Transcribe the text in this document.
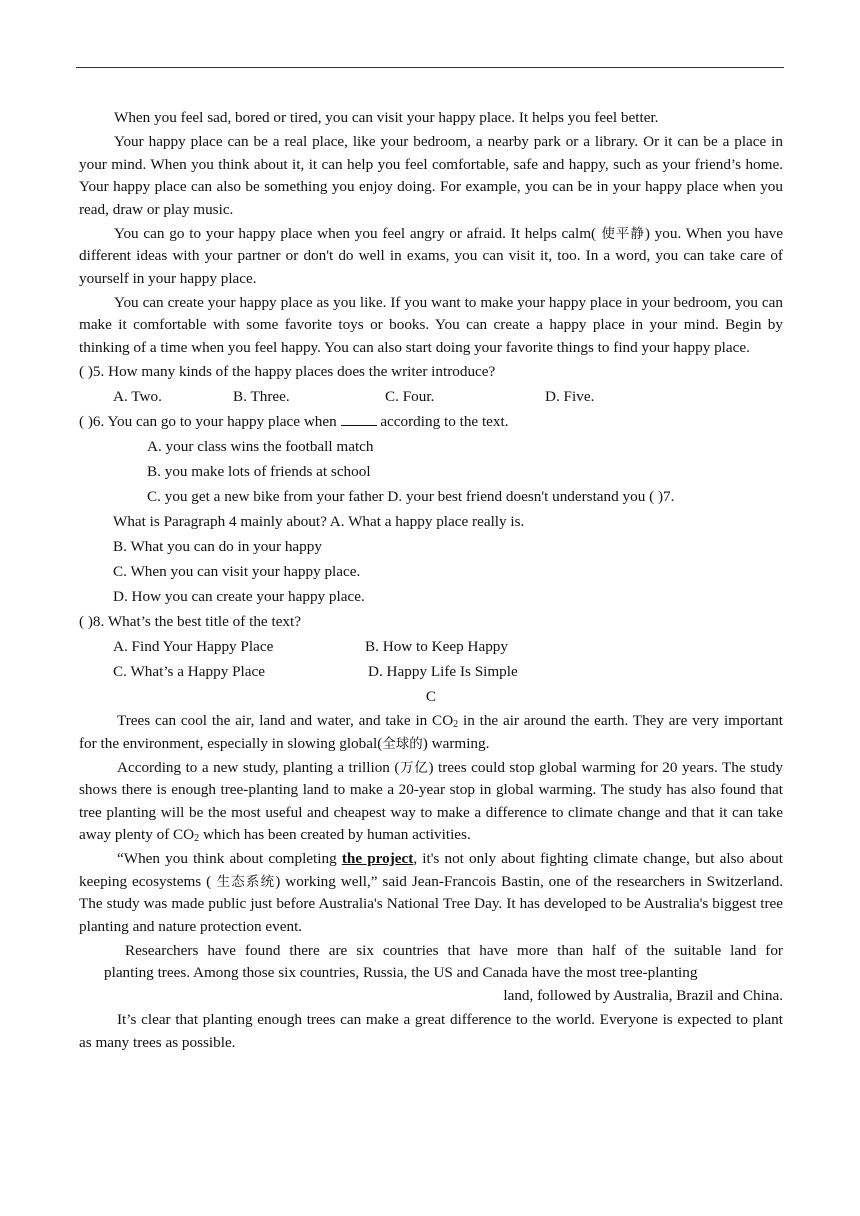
When you feel sad, bored or tired, you can visit your happy place. It helps you feel better.

Your happy place can be a real place, like your bedroom, a nearby park or a library. Or it can be a place in your mind. When you think about it, it can help you feel comfortable, safe and happy, such as your friend’s home. Your happy place can also be something you enjoy doing. For example, you can be in your happy place when you read, draw or play music.

You can go to your happy place when you feel angry or afraid. It helps calm( 使平静) you. When you have different ideas with your partner or don't do well in exams, you can visit it, too. In a word, you can take care of yourself in your happy place.

You can create your happy place as you like. If you want to make your happy place in your bedroom, you can make it comfortable with some favorite toys or books. You can create a happy place in your mind. Begin by thinking of a time when you feel happy. You can also start doing your favorite things to find your happy place.

( )5. How many kinds of the happy places does the writer introduce?

A. Two.	B. Three.	C. Four.	D. Five.

( )6. You can go to your happy place when  according to the text.

A. your class wins the football match

B. you make lots of friends at school

C. you get a new bike from your father D. your best friend doesn't understand you ( )7.

What is Paragraph 4 mainly about? A. What a happy place really is.

B. What you can do in your happy

C. When you can visit your happy place.

D. How you can create your happy place.

( )8. What’s the best title of the text?

A. Find Your Happy Place	B. How to Keep Happy
C. What’s a Happy Place	D. Happy Life Is Simple

C

Trees can cool the air, land and water, and take in $CO_2$ in the air around the earth. They are very important for the environment, especially in slowing global(全球的) warming.

According to a new study, planting a trillion (万亿) trees could stop global warming for 20 years. The study shows there is enough tree-planting land to make a 20-year stop in global warming. The study has also found that tree planting will be the most useful and cheapest way to make a difference to climate change and that it can take away plenty of $CO_2$ which has been created by human activities.

“When you think about completing the project, it's not only about fighting climate change, but also about keeping ecosystems ( 生态系统) working well,” said Jean-Francois Bastin, one of the researchers in Switzerland. The study was made public just before Australia's National Tree Day. It has developed to be Australia's biggest tree planting and nature protection event.

Researchers have found there are six countries that have more than half of the suitable land for
planting trees. Among those six countries, Russia, the US and Canada have the most tree-planting
land, followed by Australia, Brazil and China.

It’s clear that planting enough trees can make a great difference to the world. Everyone is expected to plant as many trees as possible.
